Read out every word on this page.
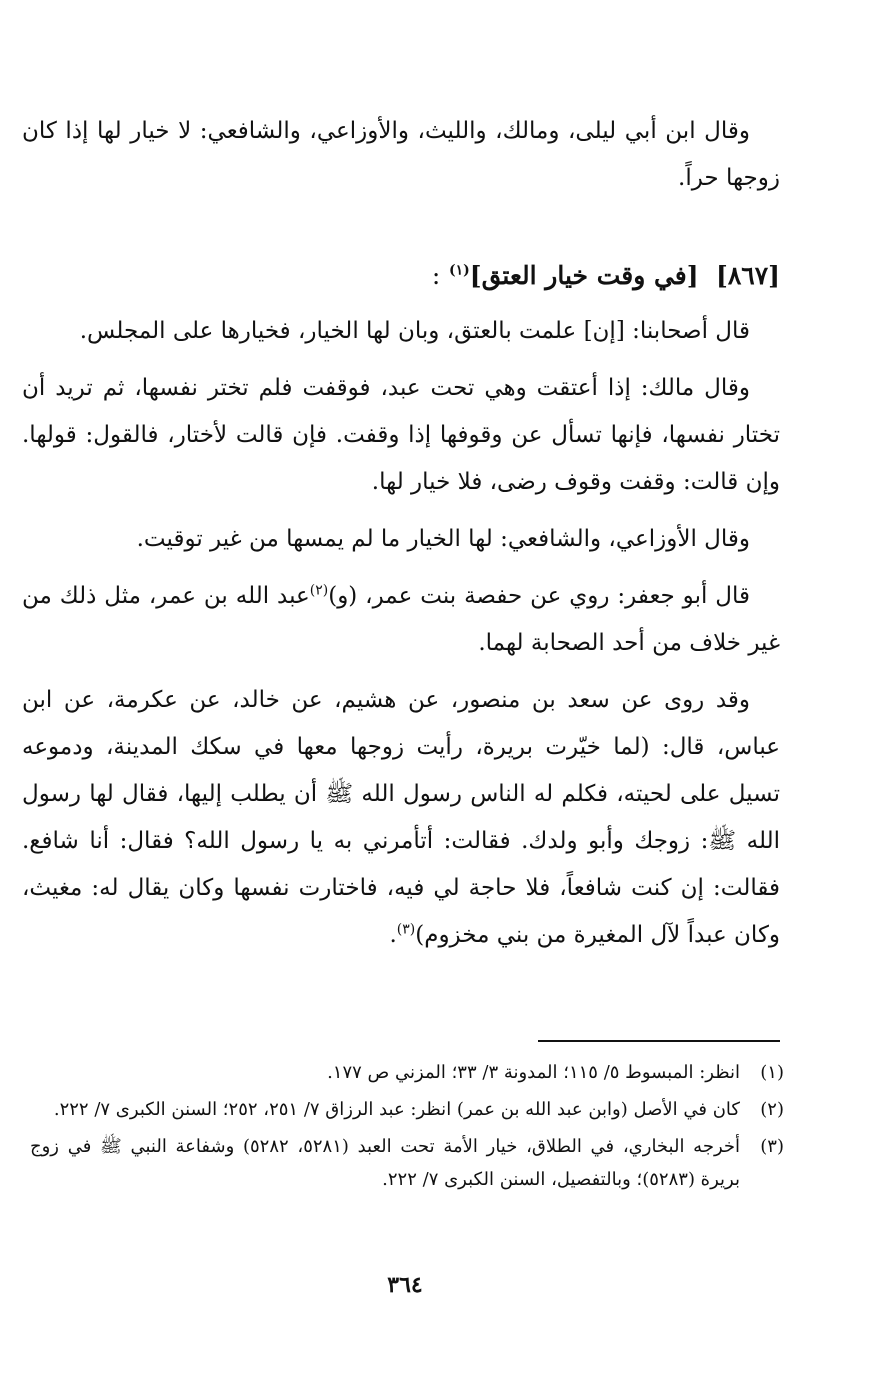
وقال ابن أبي ليلى، ومالك، والليث، والأوزاعي، والشافعي: لا خيار لها إذا كان زوجها حراً.

[٨٦٧]  [في وقت خيار العتق]$^{(١)}$ :

قال أصحابنا: [إن] علمت بالعتق، وبان لها الخيار، فخيارها على المجلس.

وقال مالك: إذا أعتقت وهي تحت عبد، فوقفت فلم تختر نفسها، ثم تريد أن تختار نفسها، فإنها تسأل عن وقوفها إذا وقفت. فإن قالت لأختار، فالقول: قولها. وإن قالت: وقفت وقوف رضى، فلا خيار لها.

وقال الأوزاعي، والشافعي: لها الخيار ما لم يمسها من غير توقيت.

قال أبو جعفر: روي عن حفصة بنت عمر، (و)$^{(٢)}$عبد الله بن عمر، مثل ذلك من غير خلاف من أحد الصحابة لهما.

وقد روى عن سعد بن منصور، عن هشيم، عن خالد، عن عكرمة، عن ابن عباس، قال: (لما خيّرت بريرة، رأيت زوجها معها في سكك المدينة، ودموعه تسيل على لحيته، فكلم له الناس رسول الله ﷺ أن يطلب إليها، فقال لها رسول الله ﷺ: زوجك وأبو ولدك. فقالت: أتأمرني به يا رسول الله؟ فقال: أنا شافع. فقالت: إن كنت شافعاً، فلا حاجة لي فيه، فاختارت نفسها وكان يقال له: مغيث، وكان عبداً لآل المغيرة من بني مخزوم)$^{(٣)}$.

(١)
انظر: المبسوط ٥/ ١١٥؛ المدونة ٣/ ٣٣؛ المزني ص ١٧٧.
(٢)
كان في الأصل (وابن عبد الله بن عمر) انظر: عبد الرزاق ٧/ ٢٥١، ٢٥٢؛ السنن الكبرى ٧/ ٢٢٢.
(٣)
أخرجه البخاري، في الطلاق، خيار الأمة تحت العبد (٥٢٨١، ٥٢٨٢) وشفاعة النبي ﷺ في زوج بريرة (٥٢٨٣)؛ وبالتفصيل، السنن الكبرى ٧/ ٢٢٢.
٣٦٤
